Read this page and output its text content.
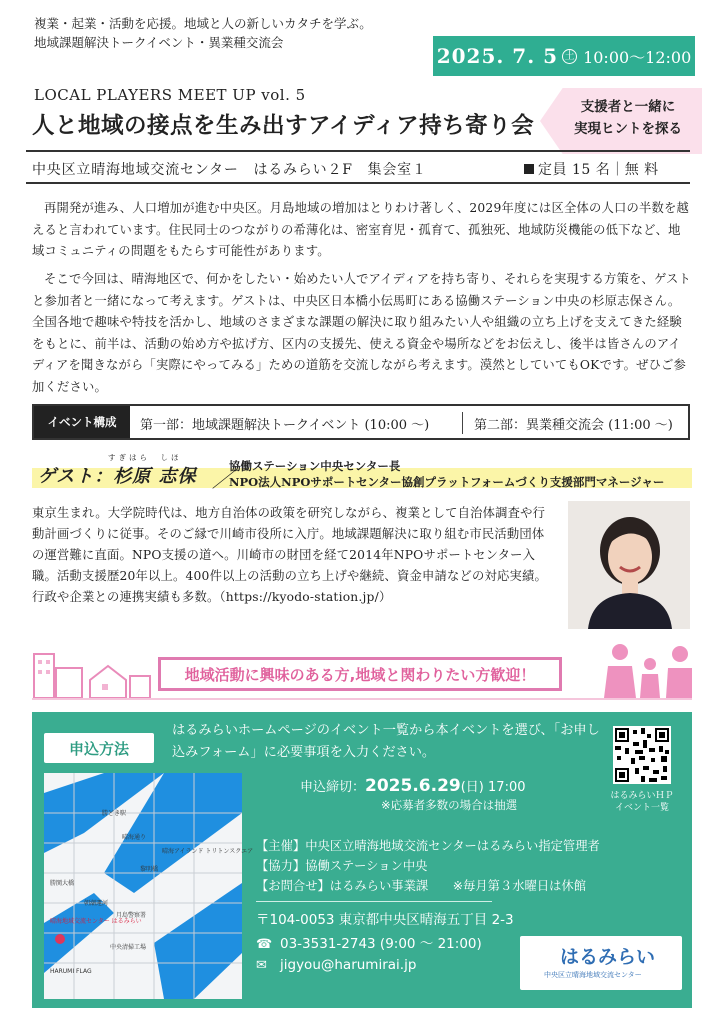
複業・起業・活動を応援。地域と人の新しいカタチを学ぶ。
地域課題解決トークイベント・異業種交流会
2025. 7. 5 土 10:00～12:00
LOCAL PLAYERS MEET UP vol. 5
人と地域の接点を生み出すアイディア持ち寄り会
支援者と一緒に
実現ヒントを探る
中央区立晴海地域交流センター　はるみらい２F　集会室１	定員 15 名｜無 料

再開発が進み、人口増加が進む中央区。月島地域の増加はとりわけ著しく、2029年度には区全体の人口の半数を越えると言われています。住民同士のつながりの希薄化は、密室育児・孤育て、孤独死、地域防災機能の低下など、地域コミュニティの問題をもたらす可能性があります。

そこで今回は、晴海地区で、何かをしたい・始めたい人でアイディアを持ち寄り、それらを実現する方策を、ゲストと参加者と一緒になって考えます。ゲストは、中央区日本橋小伝馬町にある協働ステーション中央の杉原志保さん。全国各地で趣味や特技を活かし、地域のさまざまな課題の解決に取り組みたい人や組織の立ち上げを支えてきた経験をもとに、前半は、活動の始め方や拡げ方、区内の支援先、使える資金や場所などをお伝えし、後半は皆さんのアイディアを聞きながら「実際にやってみる」ための道筋を交流しながら考えます。漠然としていてもOKです。ぜひご参加ください。

イベント構成	第一部：地域課題解決トークイベント (10:00 ～)	第二部：異業種交流会 (11:00 ～)
すぎはら　しほ
ゲスト：杉原 志保 ／
協働ステーション中央センター長
NPO法人NPOサポートセンター協創プラットフォームづくり支援部門マネージャー

東京生まれ。大学院時代は、地方自治体の政策を研究しながら、複業として自治体調査や行動計画づくりに従事。そのご縁で川崎市役所に入庁。地域課題解決に取り組む市民活動団体の運営難に直面。NPO支援の道へ。川崎市の財団を経て2014年NPOサポートセンター入職。活動支援歴20年以上。400件以上の活動の立ち上げや継続、資金申請などの対応実績。行政や企業との連携実績も多数。（https://kyodo-station.jp/）

地域活動に興味のある方,地域と関わりたい方歓迎！
申込方法
はるみらいホームページのイベント一覧から本イベントを選び、「お申し込みフォーム」に必要事項を入力ください。
申込締切：2025.6.29(日) 17:00
※応募者多数の場合は抽選
はるみらいＨＰ
イベント一覧
勝どき駅
晴海アイランド トリトンスクエア
晴海通り
黎明橋
勝鬨大橋
朝潮運河
月島警察署
晴海地域交流センター はるみらい
中央清掃工場
HARUMI FLAG
【主催】中央区立晴海地域交流センターはるみらい指定管理者
【協力】協働ステーション中央
【お問合せ】はるみらい事業課　　※毎月第３水曜日は休館
〒104-0053 東京都中央区晴海五丁目 2-3
☎ 03-3531-2743 (9:00 ～ 21:00)
✉ jigyou@harumirai.jp	はるみらい
中央区立晴海地域交流センター
